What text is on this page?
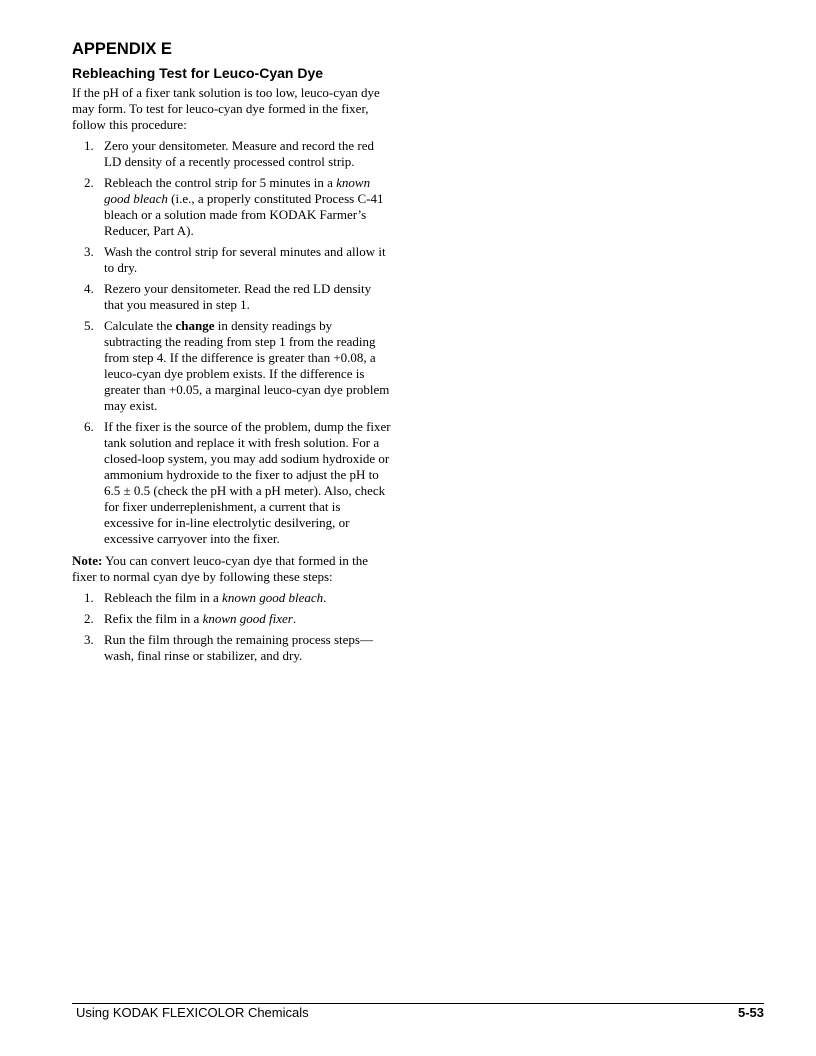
APPENDIX E
Rebleaching Test for Leuco-Cyan Dye

If the pH of a fixer tank solution is too low, leuco-cyan dye may form. To test for leuco-cyan dye formed in the fixer, follow this procedure:

1. Zero your densitometer. Measure and record the red LD density of a recently processed control strip.
2. Rebleach the control strip for 5 minutes in a known good bleach (i.e., a properly constituted Process C-41 bleach or a solution made from KODAK Farmer’s Reducer, Part A).
3. Wash the control strip for several minutes and allow it to dry.
4. Rezero your densitometer. Read the red LD density that you measured in step 1.
5. Calculate the change in density readings by subtracting the reading from step 1 from the reading from step 4. If the difference is greater than +0.08, a leuco-cyan dye problem exists. If the difference is greater than +0.05, a marginal leuco-cyan dye problem may exist.
6. If the fixer is the source of the problem, dump the fixer tank solution and replace it with fresh solution. For a closed-loop system, you may add sodium hydroxide or ammonium hydroxide to the fixer to adjust the pH to 6.5 ± 0.5 (check the pH with a pH meter). Also, check for fixer underreplenishment, a current that is excessive for in-line electrolytic desilvering, or excessive carryover into the fixer.

Note: You can convert leuco-cyan dye that formed in the fixer to normal cyan dye by following these steps:

1. Rebleach the film in a known good bleach.
2. Refix the film in a known good fixer.
3. Run the film through the remaining process steps—wash, final rinse or stabilizer, and dry.
Using KODAK FLEXICOLOR Chemicals	5-53
